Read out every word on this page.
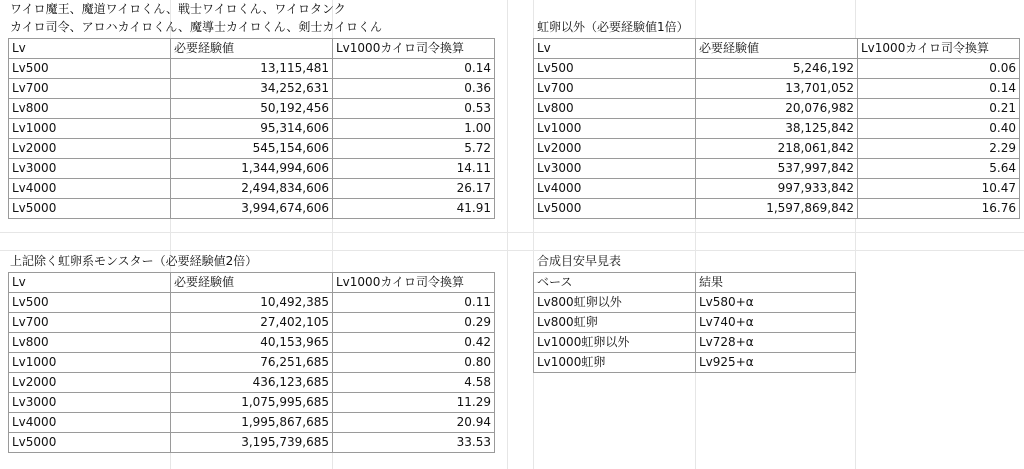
ワイロ魔王、魔道ワイロくん、戦士ワイロくん、ワイロタンク
カイロ司令、アロハカイロくん、魔導士カイロくん、剣士カイロくん	虹卵以外（必要経験値1倍）
上記除く虹卵系モンスター（必要経験値2倍）	合成目安早見表
Lv	必要経験値	Lv1000カイロ司令換算
Lv500	13,115,481	0.14
Lv700	34,252,631	0.36
Lv800	50,192,456	0.53
Lv1000	95,314,606	1.00
Lv2000	545,154,606	5.72
Lv3000	1,344,994,606	14.11
Lv4000	2,494,834,606	26.17
Lv5000	3,994,674,606	41.91
Lv	必要経験値	Lv1000カイロ司令換算
Lv500	5,246,192	0.06
Lv700	13,701,052	0.14
Lv800	20,076,982	0.21
Lv1000	38,125,842	0.40
Lv2000	218,061,842	2.29
Lv3000	537,997,842	5.64
Lv4000	997,933,842	10.47
Lv5000	1,597,869,842	16.76
Lv	必要経験値	Lv1000カイロ司令換算
Lv500	10,492,385	0.11
Lv700	27,402,105	0.29
Lv800	40,153,965	0.42
Lv1000	76,251,685	0.80
Lv2000	436,123,685	4.58
Lv3000	1,075,995,685	11.29
Lv4000	1,995,867,685	20.94
Lv5000	3,195,739,685	33.53
ベース	結果
Lv800虹卵以外	Lv580+α
Lv800虹卵	Lv740+α
Lv1000虹卵以外	Lv728+α
Lv1000虹卵	Lv925+α
